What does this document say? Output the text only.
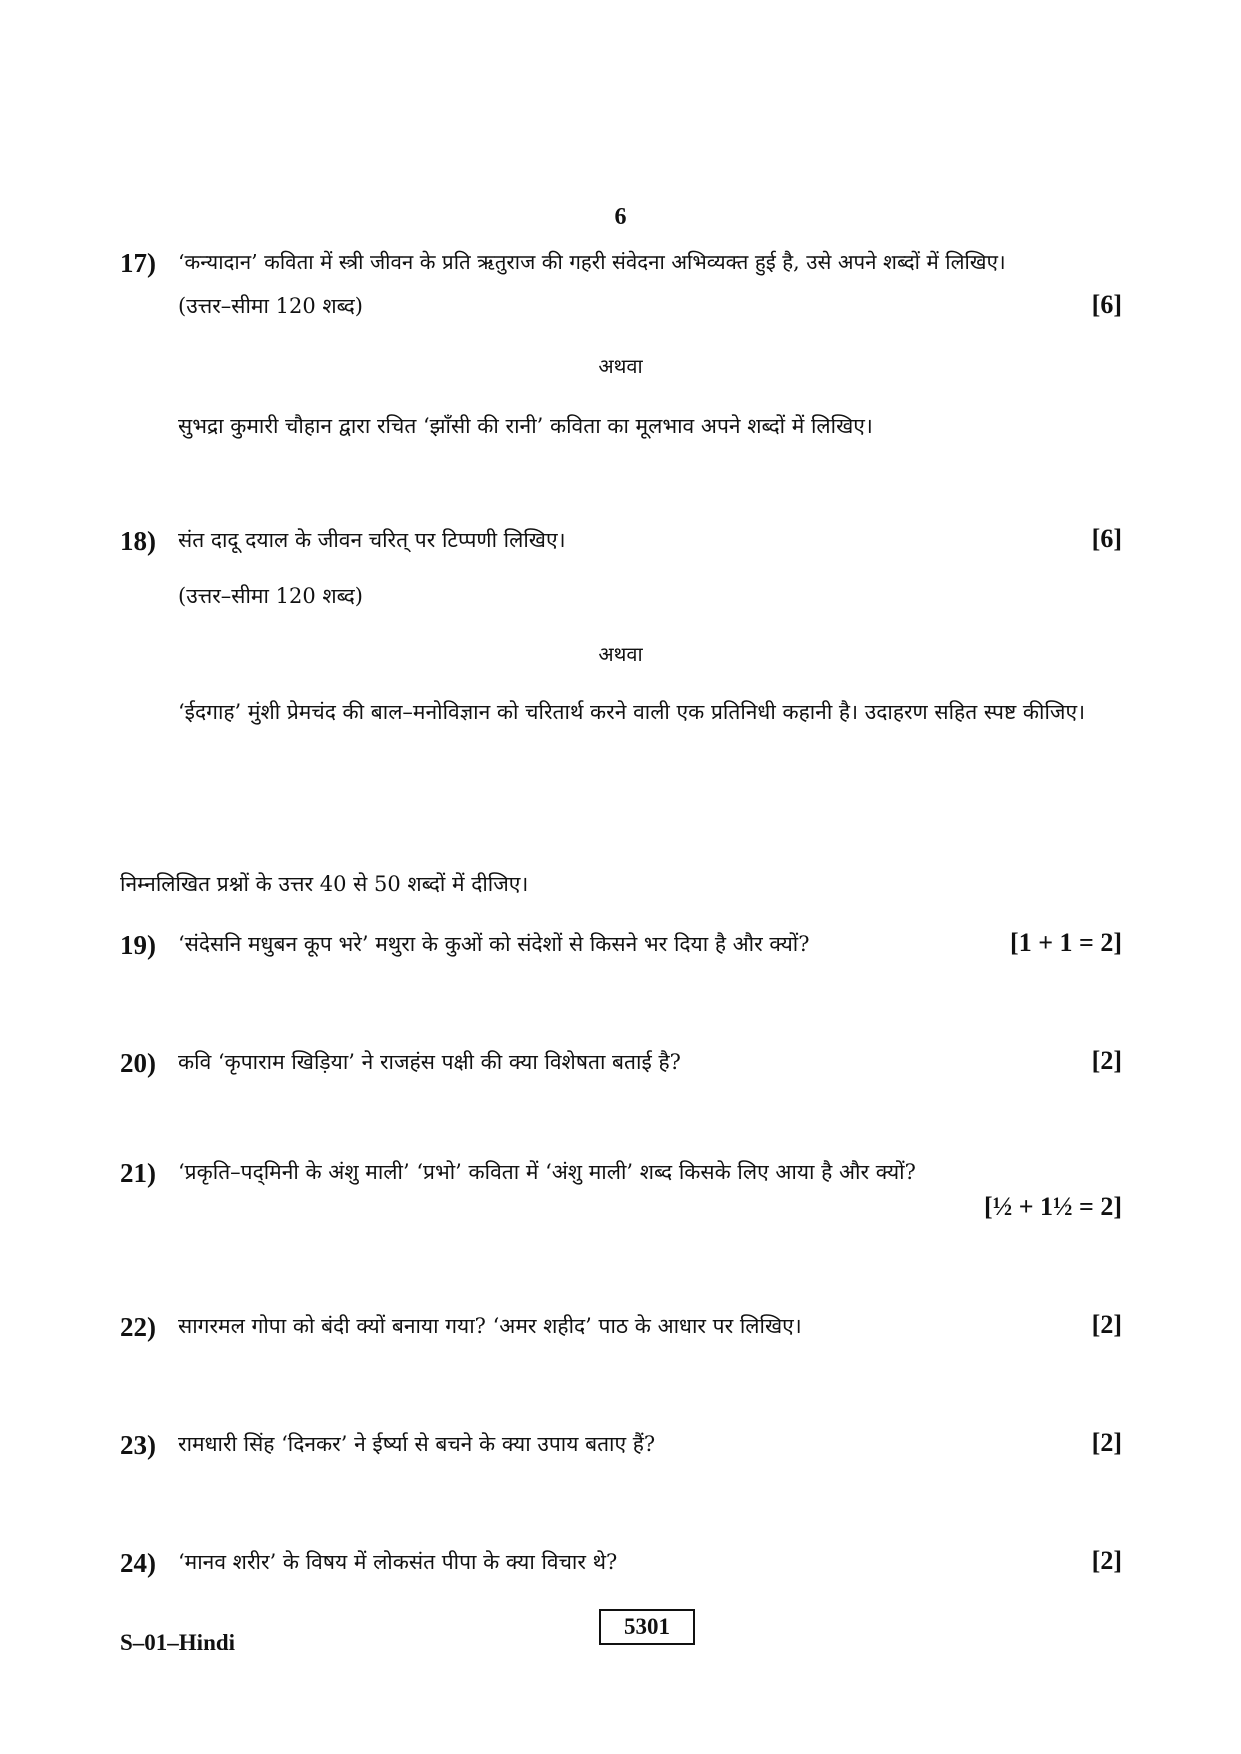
6
17) ‘कन्यादान’ कविता में स्त्री जीवन के प्रति ऋतुराज की गहरी संवेदना अभिव्यक्त हुई है, उसे अपने शब्दों में लिखिए।
(उत्तर–सीमा 120 शब्द)	[6]
अथवा
सुभद्रा कुमारी चौहान द्वारा रचित ‘झाँसी की रानी’ कविता का मूलभाव अपने शब्दों में लिखिए।
18) संत दादू दयाल के जीवन चरित् पर टिप्पणी लिखिए।	[6]
(उत्तर–सीमा 120 शब्द)
अथवा
‘ईदगाह’ मुंशी प्रेमचंद की बाल–मनोविज्ञान को चरितार्थ करने वाली एक प्रतिनिधी कहानी है। उदाहरण सहित स्पष्ट कीजिए।
निम्नलिखित प्रश्नों के उत्तर 40 से 50 शब्दों में दीजिए।
19) ‘संदेसनि मधुबन कूप भरे’ मथुरा के कुओं को संदेशों से किसने भर दिया है और क्यों?	[1 + 1 = 2]
20) कवि ‘कृपाराम खिड़िया’ ने राजहंस पक्षी की क्या विशेषता बताई है?	[2]
21) ‘प्रकृति–पद्‌मिनी के अंशु माली’ ‘प्रभो’ कविता में ‘अंशु माली’ शब्द किसके लिए आया है और क्यों?
[½ + 1½ = 2]
22) सागरमल गोपा को बंदी क्यों बनाया गया? ‘अमर शहीद’ पाठ के आधार पर लिखिए।	[2]
23) रामधारी सिंह ‘दिनकर’ ने ईर्ष्या से बचने के क्या उपाय बताए हैं?	[2]
24) ‘मानव शरीर’ के विषय में लोकसंत पीपा के क्या विचार थे?	[2]
S–01–Hindi
5301
